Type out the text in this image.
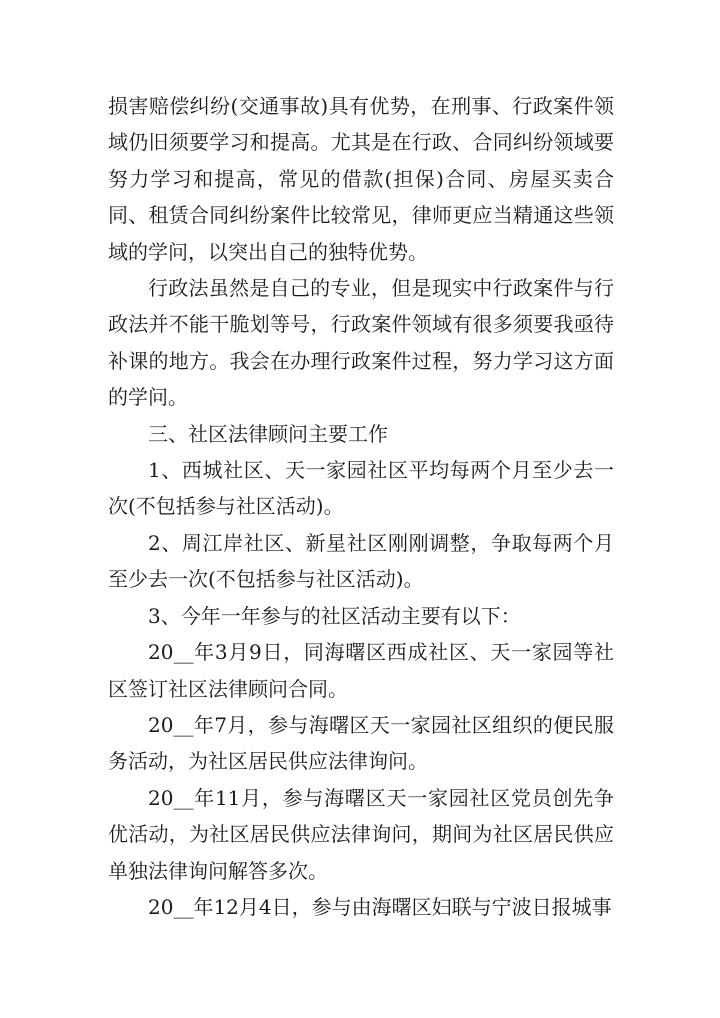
损害赔偿纠纷(交通事故)具有优势，在刑事、行政案件领域仍旧须要学习和提高。尤其是在行政、合同纠纷领域要努力学习和提高，常见的借款(担保)合同、房屋买卖合同、租赁合同纠纷案件比较常见，律师更应当精通这些领域的学问，以突出自己的独特优势。

行政法虽然是自己的专业，但是现实中行政案件与行政法并不能干脆划等号，行政案件领域有很多须要我亟待补课的地方。我会在办理行政案件过程，努力学习这方面的学问。

三、社区法律顾问主要工作

1、西城社区、天一家园社区平均每两个月至少去一次(不包括参与社区活动)。

2、周江岸社区、新星社区刚刚调整，争取每两个月至少去一次(不包括参与社区活动)。

3、今年一年参与的社区活动主要有以下：

20__年3月9日，同海曙区西成社区、天一家园等社区签订社区法律顾问合同。

20__年7月，参与海曙区天一家园社区组织的便民服务活动，为社区居民供应法律询问。

20__年11月，参与海曙区天一家园社区党员创先争优活动，为社区居民供应法律询问，期间为社区居民供应单独法律询问解答多次。

20__年12月4日，参与由海曙区妇联与宁波日报城事
